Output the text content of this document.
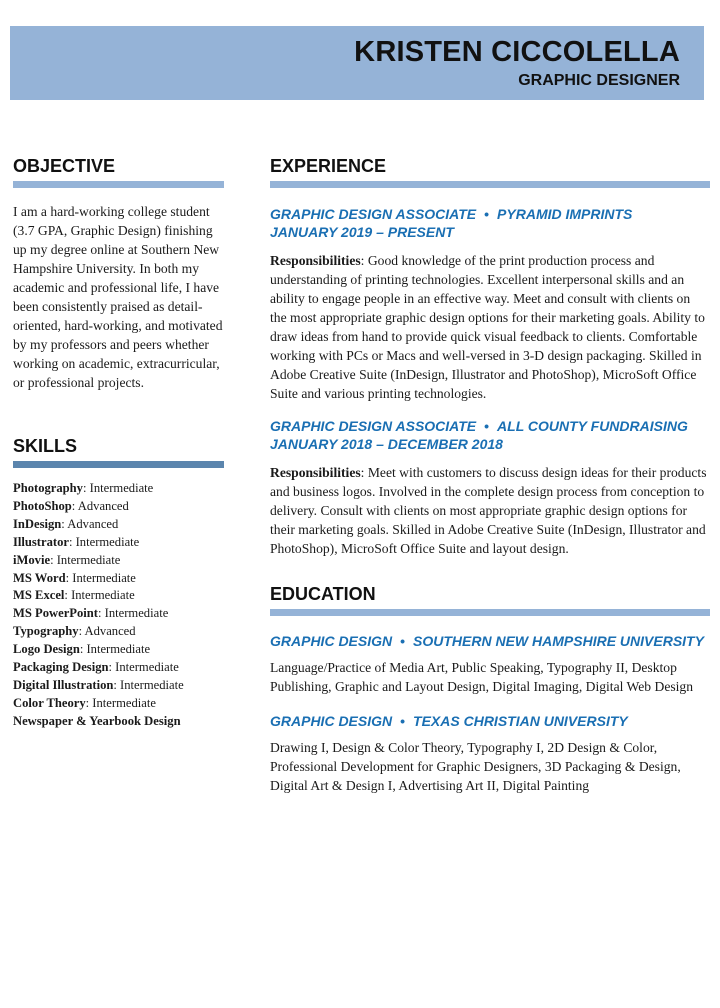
KRISTEN CICCOLELLA
GRAPHIC DESIGNER
OBJECTIVE

I am a hard-working college student (3.7 GPA, Graphic Design) finishing up my degree online at Southern New Hampshire University. In both my academic and professional life, I have been consistently praised as detail-oriented, hard-working, and motivated by my professors and peers whether working on academic, extracurricular, or professional projects.

SKILLS
Photography: Intermediate
PhotoShop: Advanced
InDesign: Advanced
Illustrator: Intermediate
iMovie: Intermediate
MS Word: Intermediate
MS Excel: Intermediate
MS PowerPoint: Intermediate
Typography: Advanced
Logo Design: Intermediate
Packaging Design: Intermediate
Digital Illustration: Intermediate
Color Theory: Intermediate
Newspaper & Yearbook Design
EXPERIENCE

GRAPHIC DESIGN ASSOCIATE • PYRAMID IMPRINTS

JANUARY 2019 – PRESENT

Responsibilities: Good knowledge of the print production process and understanding of printing technologies. Excellent interpersonal skills and an ability to engage people in an effective way. Meet and consult with clients on the most appropriate graphic design options for their marketing goals. Ability to draw ideas from hand to provide quick visual feedback to clients. Comfortable working with PCs or Macs and well-versed in 3-D design packaging. Skilled in Adobe Creative Suite (InDesign, Illustrator and PhotoShop), MicroSoft Office Suite and various printing technologies.

GRAPHIC DESIGN ASSOCIATE • ALL COUNTY FUNDRAISING

JANUARY 2018 – DECEMBER 2018

Responsibilities: Meet with customers to discuss design ideas for their products and business logos. Involved in the complete design process from conception to delivery. Consult with clients on most appropriate graphic design options for their marketing goals. Skilled in Adobe Creative Suite (InDesign, Illustrator and PhotoShop), MicroSoft Office Suite and layout design.

EDUCATION

GRAPHIC DESIGN • SOUTHERN NEW HAMPSHIRE UNIVERSITY

Language/Practice of Media Art, Public Speaking, Typography II, Desktop Publishing, Graphic and Layout Design, Digital Imaging, Digital Web Design

GRAPHIC DESIGN • TEXAS CHRISTIAN UNIVERSITY

Drawing I, Design & Color Theory, Typography I, 2D Design & Color, Professional Development for Graphic Designers, 3D Packaging & Design, Digital Art & Design I, Advertising Art II, Digital Painting
